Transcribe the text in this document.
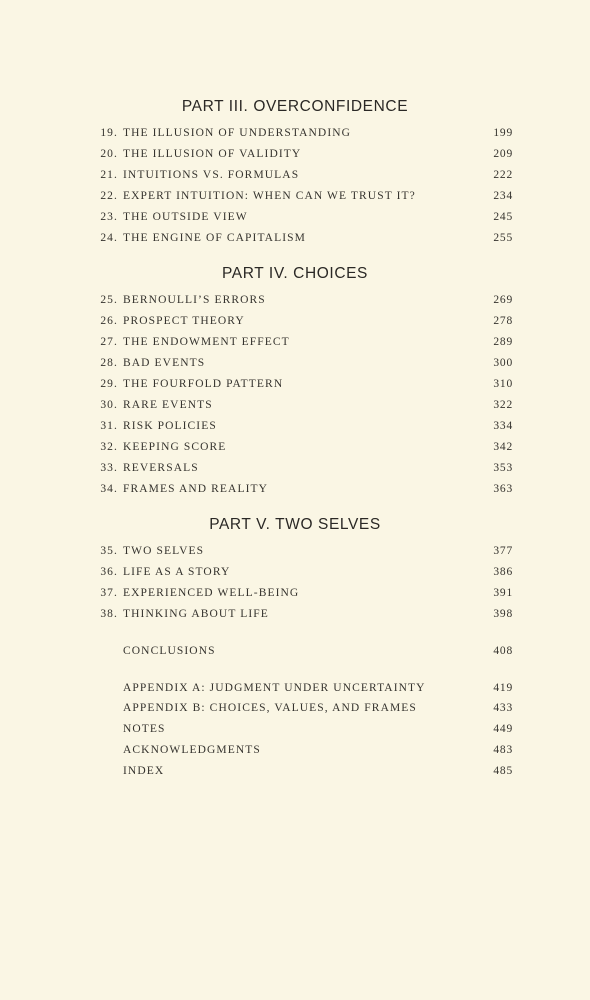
PART III. OVERCONFIDENCE
19. THE ILLUSION OF UNDERSTANDING	199
20. THE ILLUSION OF VALIDITY	209
21. INTUITIONS VS. FORMULAS	222
22. EXPERT INTUITION: WHEN CAN WE TRUST IT?	234
23. THE OUTSIDE VIEW	245
24. THE ENGINE OF CAPITALISM	255
PART IV. CHOICES
25. BERNOULLI’S ERRORS	269
26. PROSPECT THEORY	278
27. THE ENDOWMENT EFFECT	289
28. BAD EVENTS	300
29. THE FOURFOLD PATTERN	310
30. RARE EVENTS	322
31. RISK POLICIES	334
32. KEEPING SCORE	342
33. REVERSALS	353
34. FRAMES AND REALITY	363
PART V. TWO SELVES
35. TWO SELVES	377
36. LIFE AS A STORY	386
37. EXPERIENCED WELL-BEING	391
38. THINKING ABOUT LIFE	398
CONCLUSIONS	408
APPENDIX A: JUDGMENT UNDER UNCERTAINTY	419
APPENDIX B: CHOICES, VALUES, AND FRAMES	433
NOTES	449
ACKNOWLEDGMENTS	483
INDEX	485
